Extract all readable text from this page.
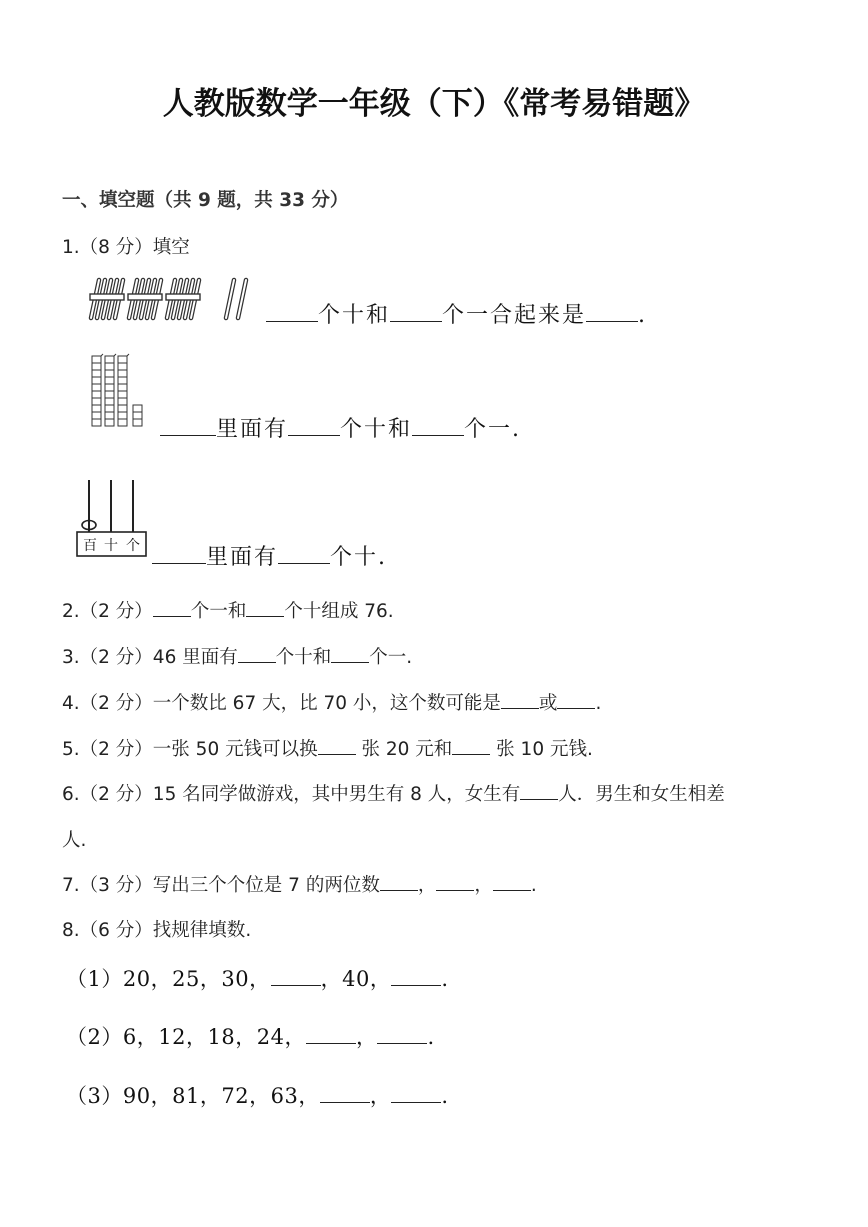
人教版数学一年级（下）《常考易错题》
一、填空题（共 9 题，共 33 分）
1.（8 分）填空
个十和 个一合起来是 .
里面有 个十和 个一.
百 十 个	里面有 个十.
2.（2 分） 个一和 个十组成 76.
3.（2 分）46 里面有 个十和 个一.
4.（2 分）一个数比 67 大，比 70 小，这个数可能是 或 .
5.（2 分）一张 50 元钱可以换 张 20 元和 张 10 元钱.
6.（2 分）15 名同学做游戏，其中男生有 8 人，女生有 人．男生和女生相差
人.
7.（3 分）写出三个个位是 7 的两位数 ， ， .
8.（6 分）找规律填数.
（1）20，25，30， ，40， .
（2）6，12，18，24， ， .
（3）90，81，72，63， ， .
